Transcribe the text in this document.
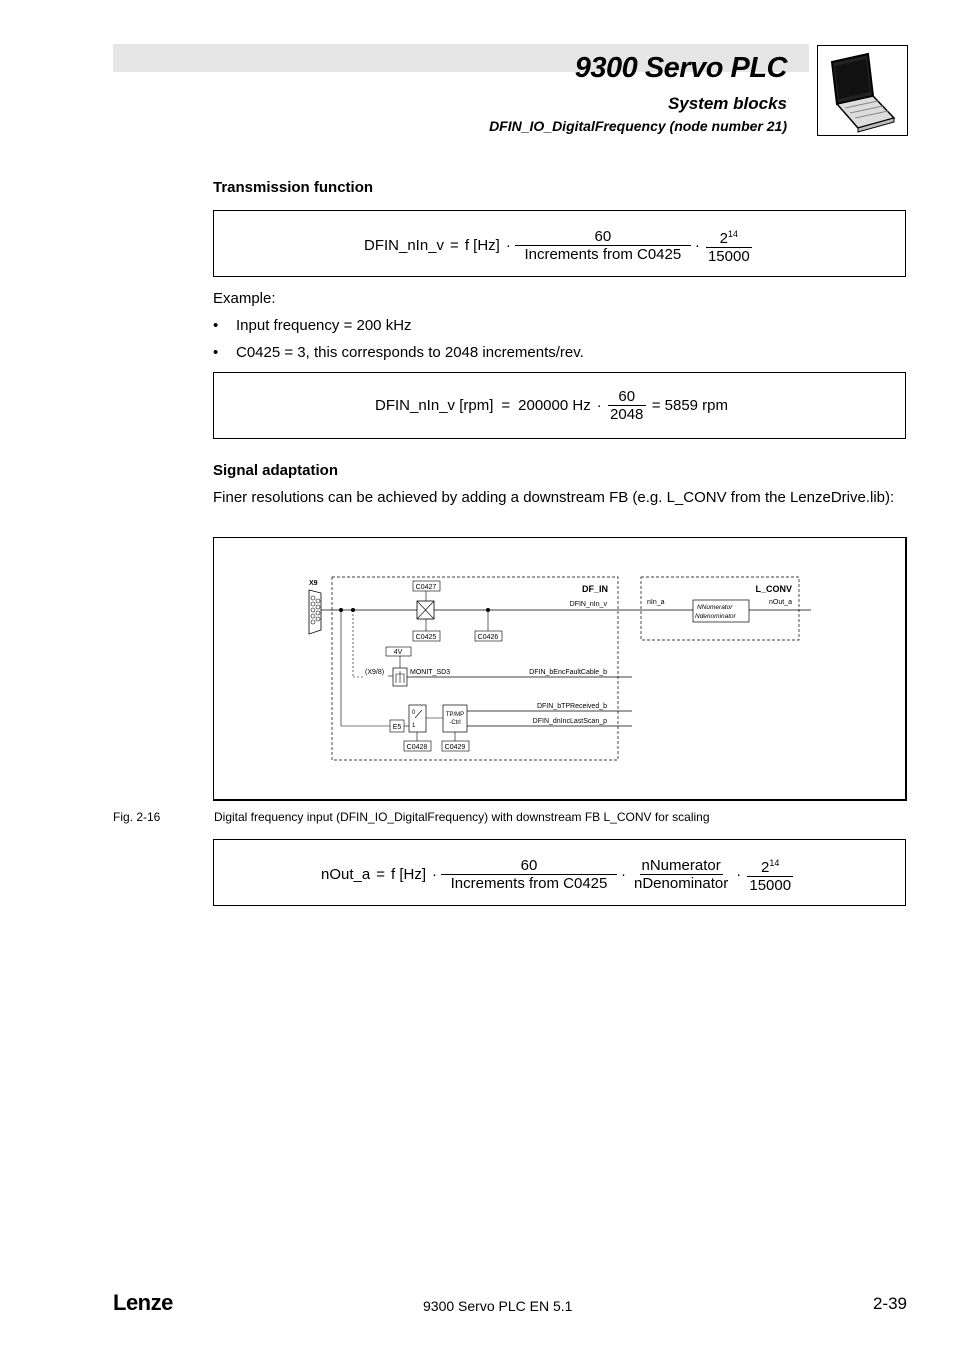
9300 Servo PLC
System blocks
DFIN_IO_DigitalFrequency (node number 21)
Transmission function
DFIN_nIn_v = f $[Hz] \cdot \frac{60}{\text{Increments from C0425}} \cdot \frac{2^{14}}{15000}$
Example:
• Input frequency = 200 kHz
• C0425 = 3, this corresponds to 2048 increments/rev.
DFIN_nIn_v [rpm] = 200000 $Hz \cdot \frac{60}{2048} = 5859$ rpm
Signal adaptation
Finer resolutions can be achieved by adding a downstream FB (e.g. L_CONV from the LenzeDrive.lib):
X9
DF_IN
C0427
C0425	C0426
DFIN_nIn_v
L_CONV
nIn_a	nOut_a
NNumerator
Ndenominator
4V
(X9/8)	MONIT_SD3	DFIN_bEncFaultCable_b
E5
0
1
C0428
TP/MP
-Ctrl
C0429
DFIN_bTPReceived_b
DFIN_dnIncLastScan_p
Fig. 2-16	Digital frequency input (DFIN_IO_DigitalFrequency) with downstream FB L_CONV for scaling
nOut_a = f $[Hz] \cdot \frac{60}{\text{Increments from C0425}} \cdot \frac{\text{nNumerator}}{\text{nDenominator}} \cdot \frac{2^{14}}{15000}$
Lenze	9300 Servo PLC EN 5.1	2-39
